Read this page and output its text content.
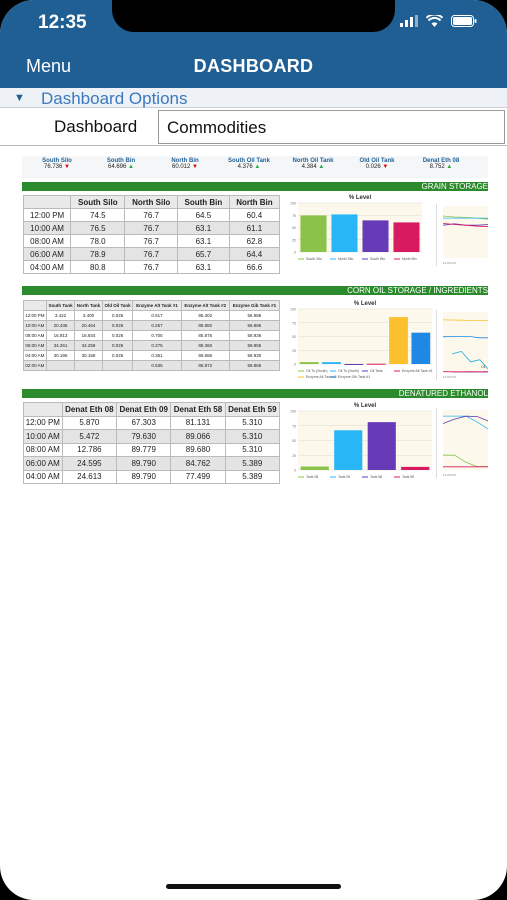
12:35
Menu	DASHBOARD
▼ Dashboard Options
Dashboard	Commodities
South Silo
76.736 ▼
South Bin
64.696 ▲
North Bin
60.012 ▼
South Oil Tank
4.376 ▲
North Oil Tank
4.384 ▲
Old Oil Tank
0.026 ▼
Denat Eth 08
8.752 ▲
GRAIN STORAGE
	South Silo	North Silo	South Bin	North Bin
12:00 PM	74.5	76.7	64.5	60.4
10:00 AM	76.5	76.7	63.1	61.1
08:00 AM	78.0	76.7	63.1	62.8
06:00 AM	78.9	76.7	65.7	64.4
04:00 AM	80.8	76.7	63.1	66.6
% Level
0
25
50
75
100
South Silo	North Silo	South Bin	North Bin
12:00 PM
CORN OIL STORAGE / INGREDIENTS
	South Tank	North Tank	Old Oil Tank	Enzyme Alt Tank #1	Enzyme Alt Tank #2	Enzyme Gib Tank #1
12:00 PM	3.422	3.400	0.026	0.517	85.302	56.986
10:00 AM	20.436	20.464	0.026	0.257	85.882	56.986
08:00 AM	16.913	16.934	0.026	0.705	85.876	58.936
06:00 AM	34.261	34.258	0.026	0.275	86.360	58.955
04:00 AM	30.196	30.158	0.026	0.351	86.686	58.930
02:00 AM				0.535	86.872	58.865
% Level
0
25
50
75
100
Oil Tk (South)	Oil Tk (North)	Oil Tank	Enzyme Alt Tank #1
Enzyme Alt Tank #2 Enzyme Gib Tank #1	12:00 PM
Oil
DENATURED ETHANOL
	Denat Eth 08	Denat Eth 09	Denat Eth 58	Denat Eth 59
12:00 PM	5.870	67.303	81.131	5.310
10:00 AM	5.472	79.630	89.066	5.310
08:00 AM	12.786	89.779	89.680	5.310
06:00 AM	24.595	89.790	84.762	5.389
04:00 AM	24.613	89.790	77.499	5.389
% Level
0
25
50
75
100
Tank 08	Tank 09	Tank 58	Tank 59	12:00 PM
